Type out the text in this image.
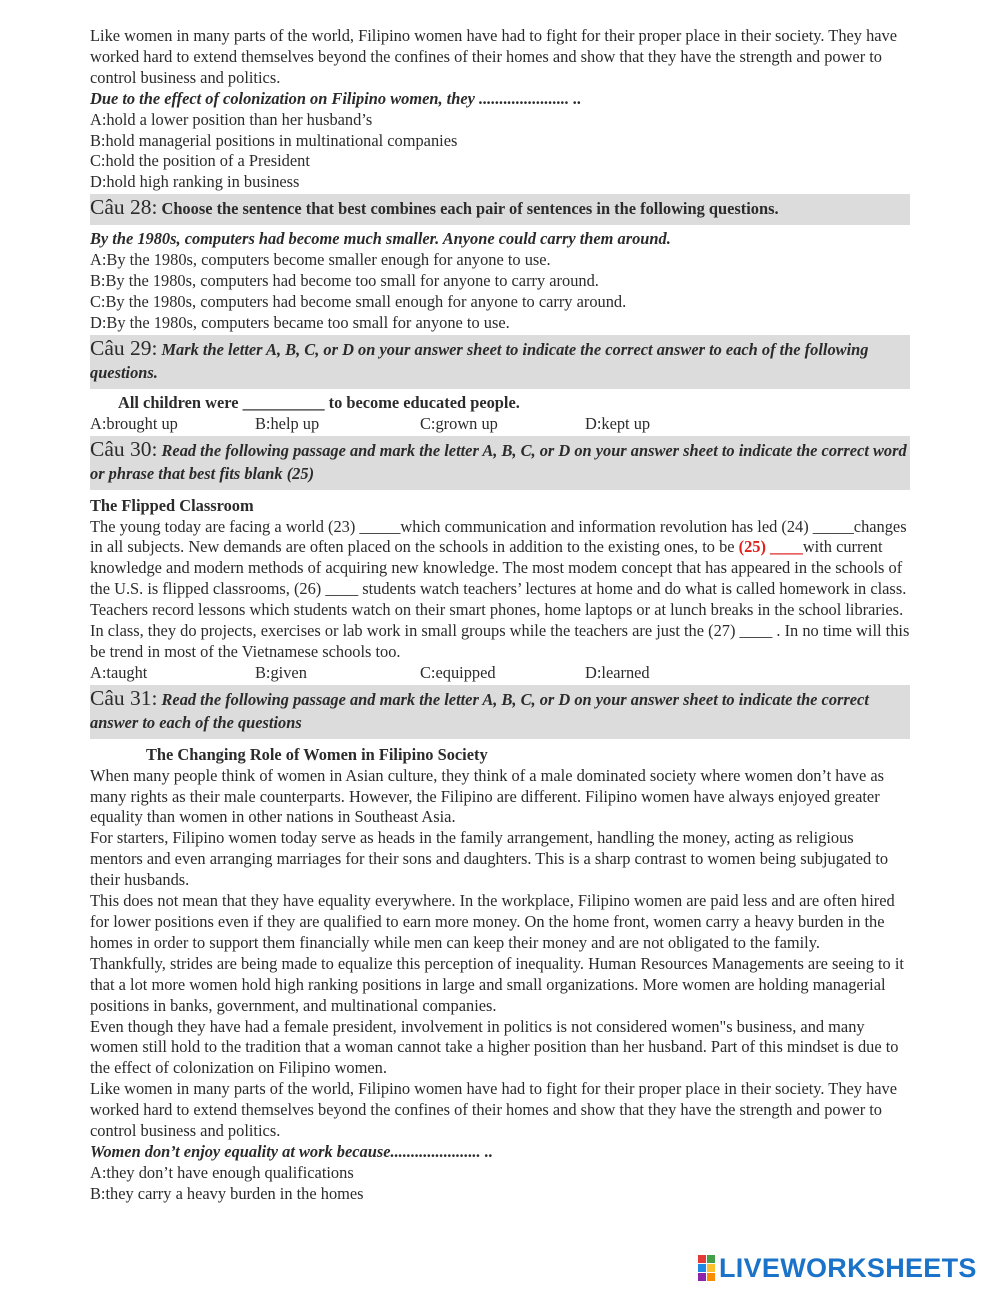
Like women in many parts of the world, Filipino women have had to fight for their proper place in their society. They have worked hard to extend themselves beyond the confines of their homes and show that they have the strength and power to control business and politics.

Due to the effect of colonization on Filipino women, they ...................... ..

A:hold a lower position than her husband’s

B:hold managerial positions in multinational companies

C:hold the position of a President

D:hold high ranking in business

Câu 28: Choose the sentence that best combines each pair of sentences in the following questions.

By the 1980s, computers had become much smaller. Anyone could carry them around.

A:By the 1980s, computers become smaller enough for anyone to use.

B:By the 1980s, computers had become too small for anyone to carry around.

C:By the 1980s, computers had become small enough for anyone to carry around.

D:By the 1980s, computers became too small for anyone to use.

Câu 29: Mark the letter A, B, C, or D on your answer sheet to indicate the correct answer to each of the following questions.

All children were __________ to become educated people.

A:brought up	B:help up	C:grown up	D:kept up
Câu 30: Read the following passage and mark the letter A, B, C, or D on your answer sheet to indicate the correct word or phrase that best fits blank (25)

The Flipped Classroom

The young today are facing a world (23) _____which communication and information revolution has led (24) _____changes in all subjects. New demands are often placed on the schools in addition to the existing ones, to be (25) ____with current knowledge and modern methods of acquiring new knowledge. The most modem concept that has appeared in the schools of the U.S. is flipped classrooms, (26) ____ students watch teachers’ lectures at home and do what is called homework in class. Teachers record lessons which students watch on their smart phones, home laptops or at lunch breaks in the school libraries. In class, they do projects, exercises or lab work in small groups while the teachers are just the (27) ____ . In no time will this be trend in most of the Vietnamese schools too.

A:taught	B:given	C:equipped	D:learned
Câu 31: Read the following passage and mark the letter A, B, C, or D on your answer sheet to indicate the correct answer to each of the questions

The Changing Role of Women in Filipino Society

When many people think of women in Asian culture, they think of a male dominated society where women don’t have as many rights as their male counterparts. However, the Filipino are different. Filipino women have always enjoyed greater equality than women in other nations in Southeast Asia.

For starters, Filipino women today serve as heads in the family arrangement, handling the money, acting as religious mentors and even arranging marriages for their sons and daughters. This is a sharp contrast to women being subjugated to their husbands.

This does not mean that they have equality everywhere. In the workplace, Filipino women are paid less and are often hired for lower positions even if they are qualified to earn more money. On the home front, women carry a heavy burden in the homes in order to support them financially while men can keep their money and are not obligated to the family.

Thankfully, strides are being made to equalize this perception of inequality. Human Resources Managements are seeing to it that a lot more women hold high ranking positions in large and small organizations. More women are holding managerial positions in banks, government, and multinational companies.

Even though they have had a female president, involvement in politics is not considered women"s business, and many women still hold to the tradition that a woman cannot take a higher position than her husband. Part of this mindset is due to the effect of colonization on Filipino women.

Like women in many parts of the world, Filipino women have had to fight for their proper place in their society. They have worked hard to extend themselves beyond the confines of their homes and show that they have the strength and power to control business and politics.

Women don’t enjoy equality at work because...................... ..

A:they don’t have enough qualifications

B:they carry a heavy burden in the homes

LIVEWORKSHEETS
